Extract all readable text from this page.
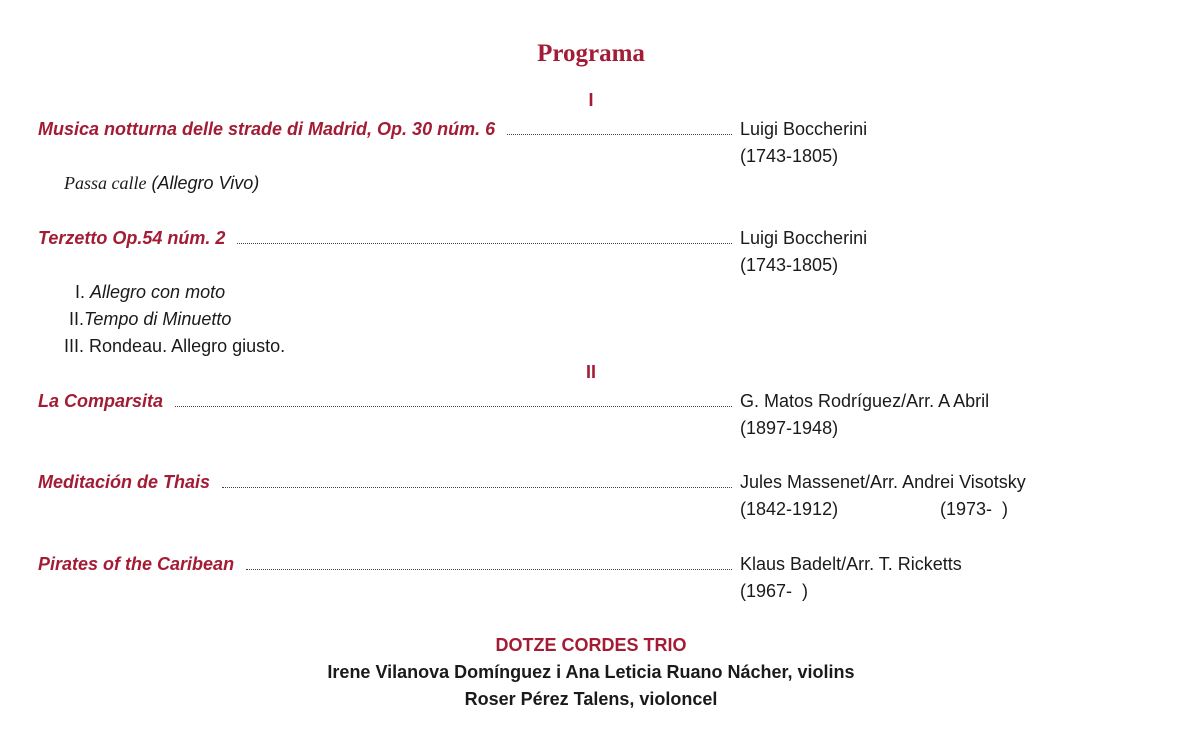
Programa
I
Musica notturna delle strade di Madrid, Op. 30 núm. 6	Luigi Boccherini
(1743-1805)
Passa calle (Allegro Vivo)
Terzetto Op.54 núm. 2	Luigi Boccherini
(1743-1805)
I. Allegro con moto
II.Tempo di Minuetto
III. Rondeau. Allegro giusto.
II
La Comparsita	G. Matos Rodríguez/Arr. A Abril
(1897-1948)
Meditación de Thais	Jules Massenet/Arr. Andrei Visotsky
(1842-1912)	(1973-  )
Pirates of the Caribean	Klaus Badelt/Arr. T. Ricketts
(1967-  )
DOTZE CORDES TRIO
Irene Vilanova Domínguez i Ana Leticia Ruano Nácher, violins
Roser Pérez Talens, violoncel
